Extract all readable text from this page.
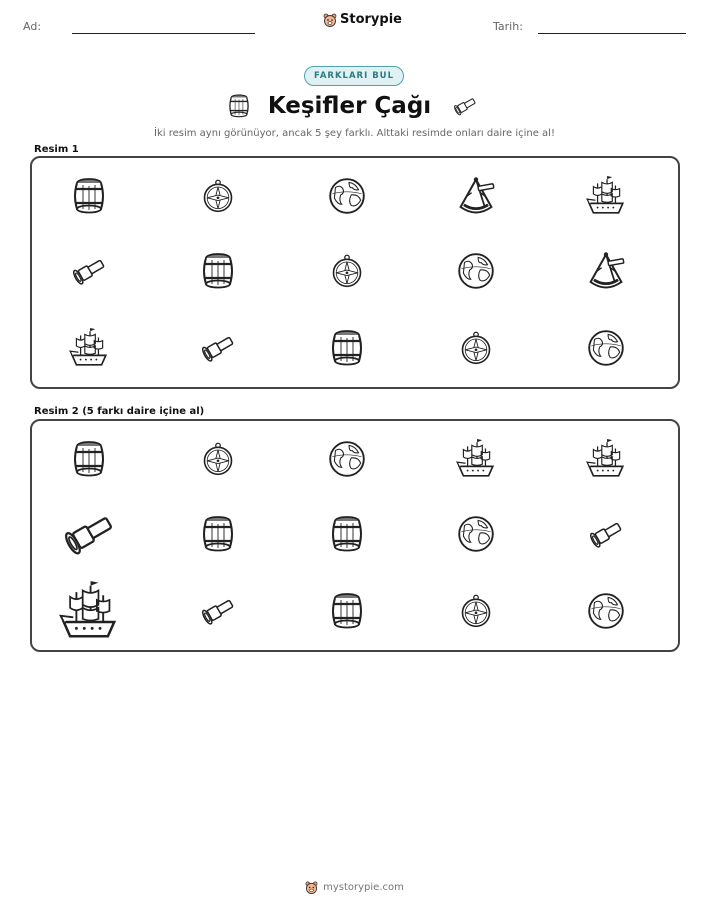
Ad:	Storypie	Tarih:
FARKLARI BUL
Keşifler Çağı
İki resim aynı görünüyor, ancak 5 şey farklı. Alttaki resimde onları daire içine al!
Resim 1
Resim 2 (5 farkı daire içine al)
mystorypie.com
